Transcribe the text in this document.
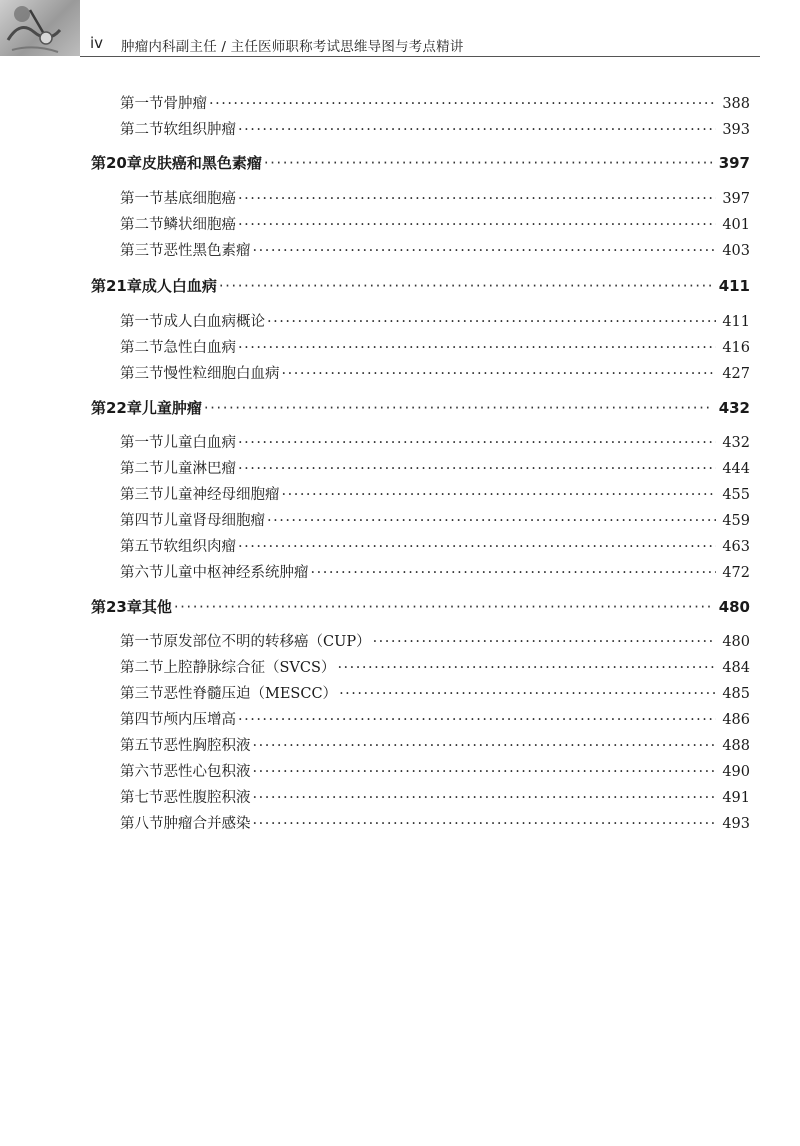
iv 肿瘤内科副主任 / 主任医师职称考试思维导图与考点精讲
第一节 骨肿瘤 ·····	388
第二节 软组织肿瘤 ·····	393
第20章 皮肤癌和黑色素瘤 ·····	397
第一节 基底细胞癌 ·····	397
第二节 鳞状细胞癌 ·····	401
第三节 恶性黑色素瘤 ·····	403
第21章 成人白血病 ·····	411
第一节 成人白血病概论 ·····	411
第二节 急性白血病 ·····	416
第三节 慢性粒细胞白血病 ·····	427
第22章 儿童肿瘤 ·····	432
第一节 儿童白血病 ·····	432
第二节 儿童淋巴瘤 ·····	444
第三节 儿童神经母细胞瘤 ·····	455
第四节 儿童肾母细胞瘤 ·····	459
第五节 软组织肉瘤 ·····	463
第六节 儿童中枢神经系统肿瘤 ·····	472
第23章 其他 ·····	480
第一节 原发部位不明的转移癌（CUP） ·····	480
第二节 上腔静脉综合征（SVCS） ·····	484
第三节 恶性脊髓压迫（MESCC） ·····	485
第四节 颅内压增高 ·····	486
第五节 恶性胸腔积液 ·····	488
第六节 恶性心包积液 ·····	490
第七节 恶性腹腔积液 ·····	491
第八节 肿瘤合并感染 ·····	493
